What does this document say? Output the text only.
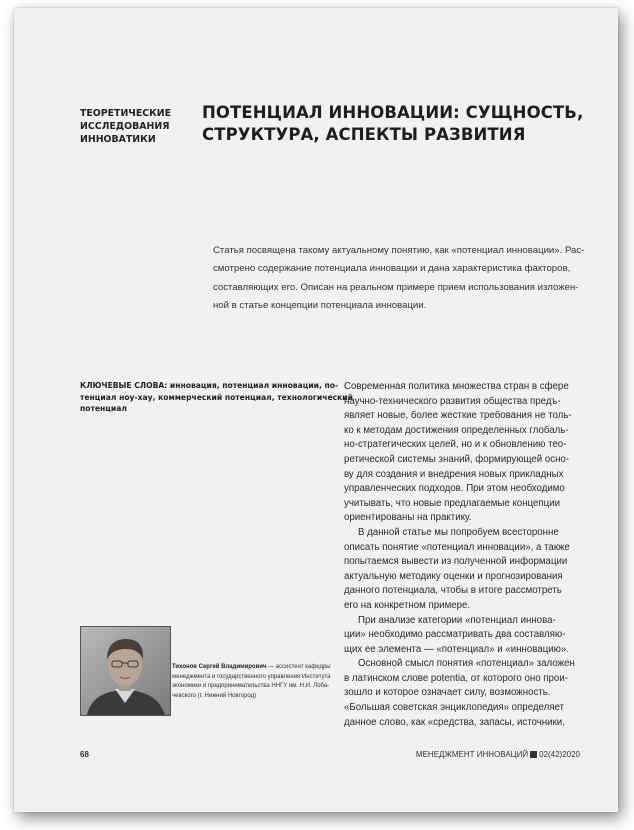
ТЕОРЕТИЧЕСКИЕ
ИССЛЕДОВАНИЯ
ИННОВАТИКИ
ПОТЕНЦИАЛ ИННОВАЦИИ: СУЩНОСТЬ,
СТРУКТУРА, АСПЕКТЫ РАЗВИТИЯ

Статья посвящена такому актуальному понятию, как «потенциал инновации». Рас-
смотрено содержание потенциала инновации и дана характеристика факторов,
составляющих его. Описан на реальном примере прием использования изложен-
ной в статье концепции потенциала инновации.

КЛЮЧЕВЫЕ СЛОВА: инновация, потенциал инновации, по-
тенциал ноу-хау, коммерческий потенциал, технологический
потенциал

Современная политика множества стран в сфере
научно-технического развития общества предъ-
являет новые, более жесткие требования не толь-
ко к методам достижения определенных глобаль-
но-стратегических целей, но и к обновлению тео-
ретической системы знаний, формирующей осно-
ву для создания и внедрения новых прикладных
управленческих подходов. При этом необходимо
учитывать, что новые предлагаемые концепции
ориентированы на практику.
В данной статье мы попробуем всесторонне
описать понятие «потенциал инновации», а также
попытаемся вывести из полученной информации
актуальную методику оценки и прогнозирования
данного потенциала, чтобы в итоге рассмотреть
его на конкретном примере.
При анализе категории «потенциал иннова-
ции» необходимо рассматривать два составляю-
щих ее элемента — «потенциал» и «инновацию».
Основной смысл понятия «потенциал» заложен
в латинском слове potentia, от которого оно прои-
зошло и которое означает силу, возможность.
«Большая советская энциклопедия» определяет
данное слово, как «средства, запасы, источники,

Тихонов Сергей Владимирович — ассистент кафедры
менеджмента и государственного управления Института
экономики и предпринимательства ННГУ им. Н.И. Лоба-
чевского (г. Нижний Новгород)

68	МЕНЕДЖМЕНТ ИННОВАЦИЙ 02(42)2020
